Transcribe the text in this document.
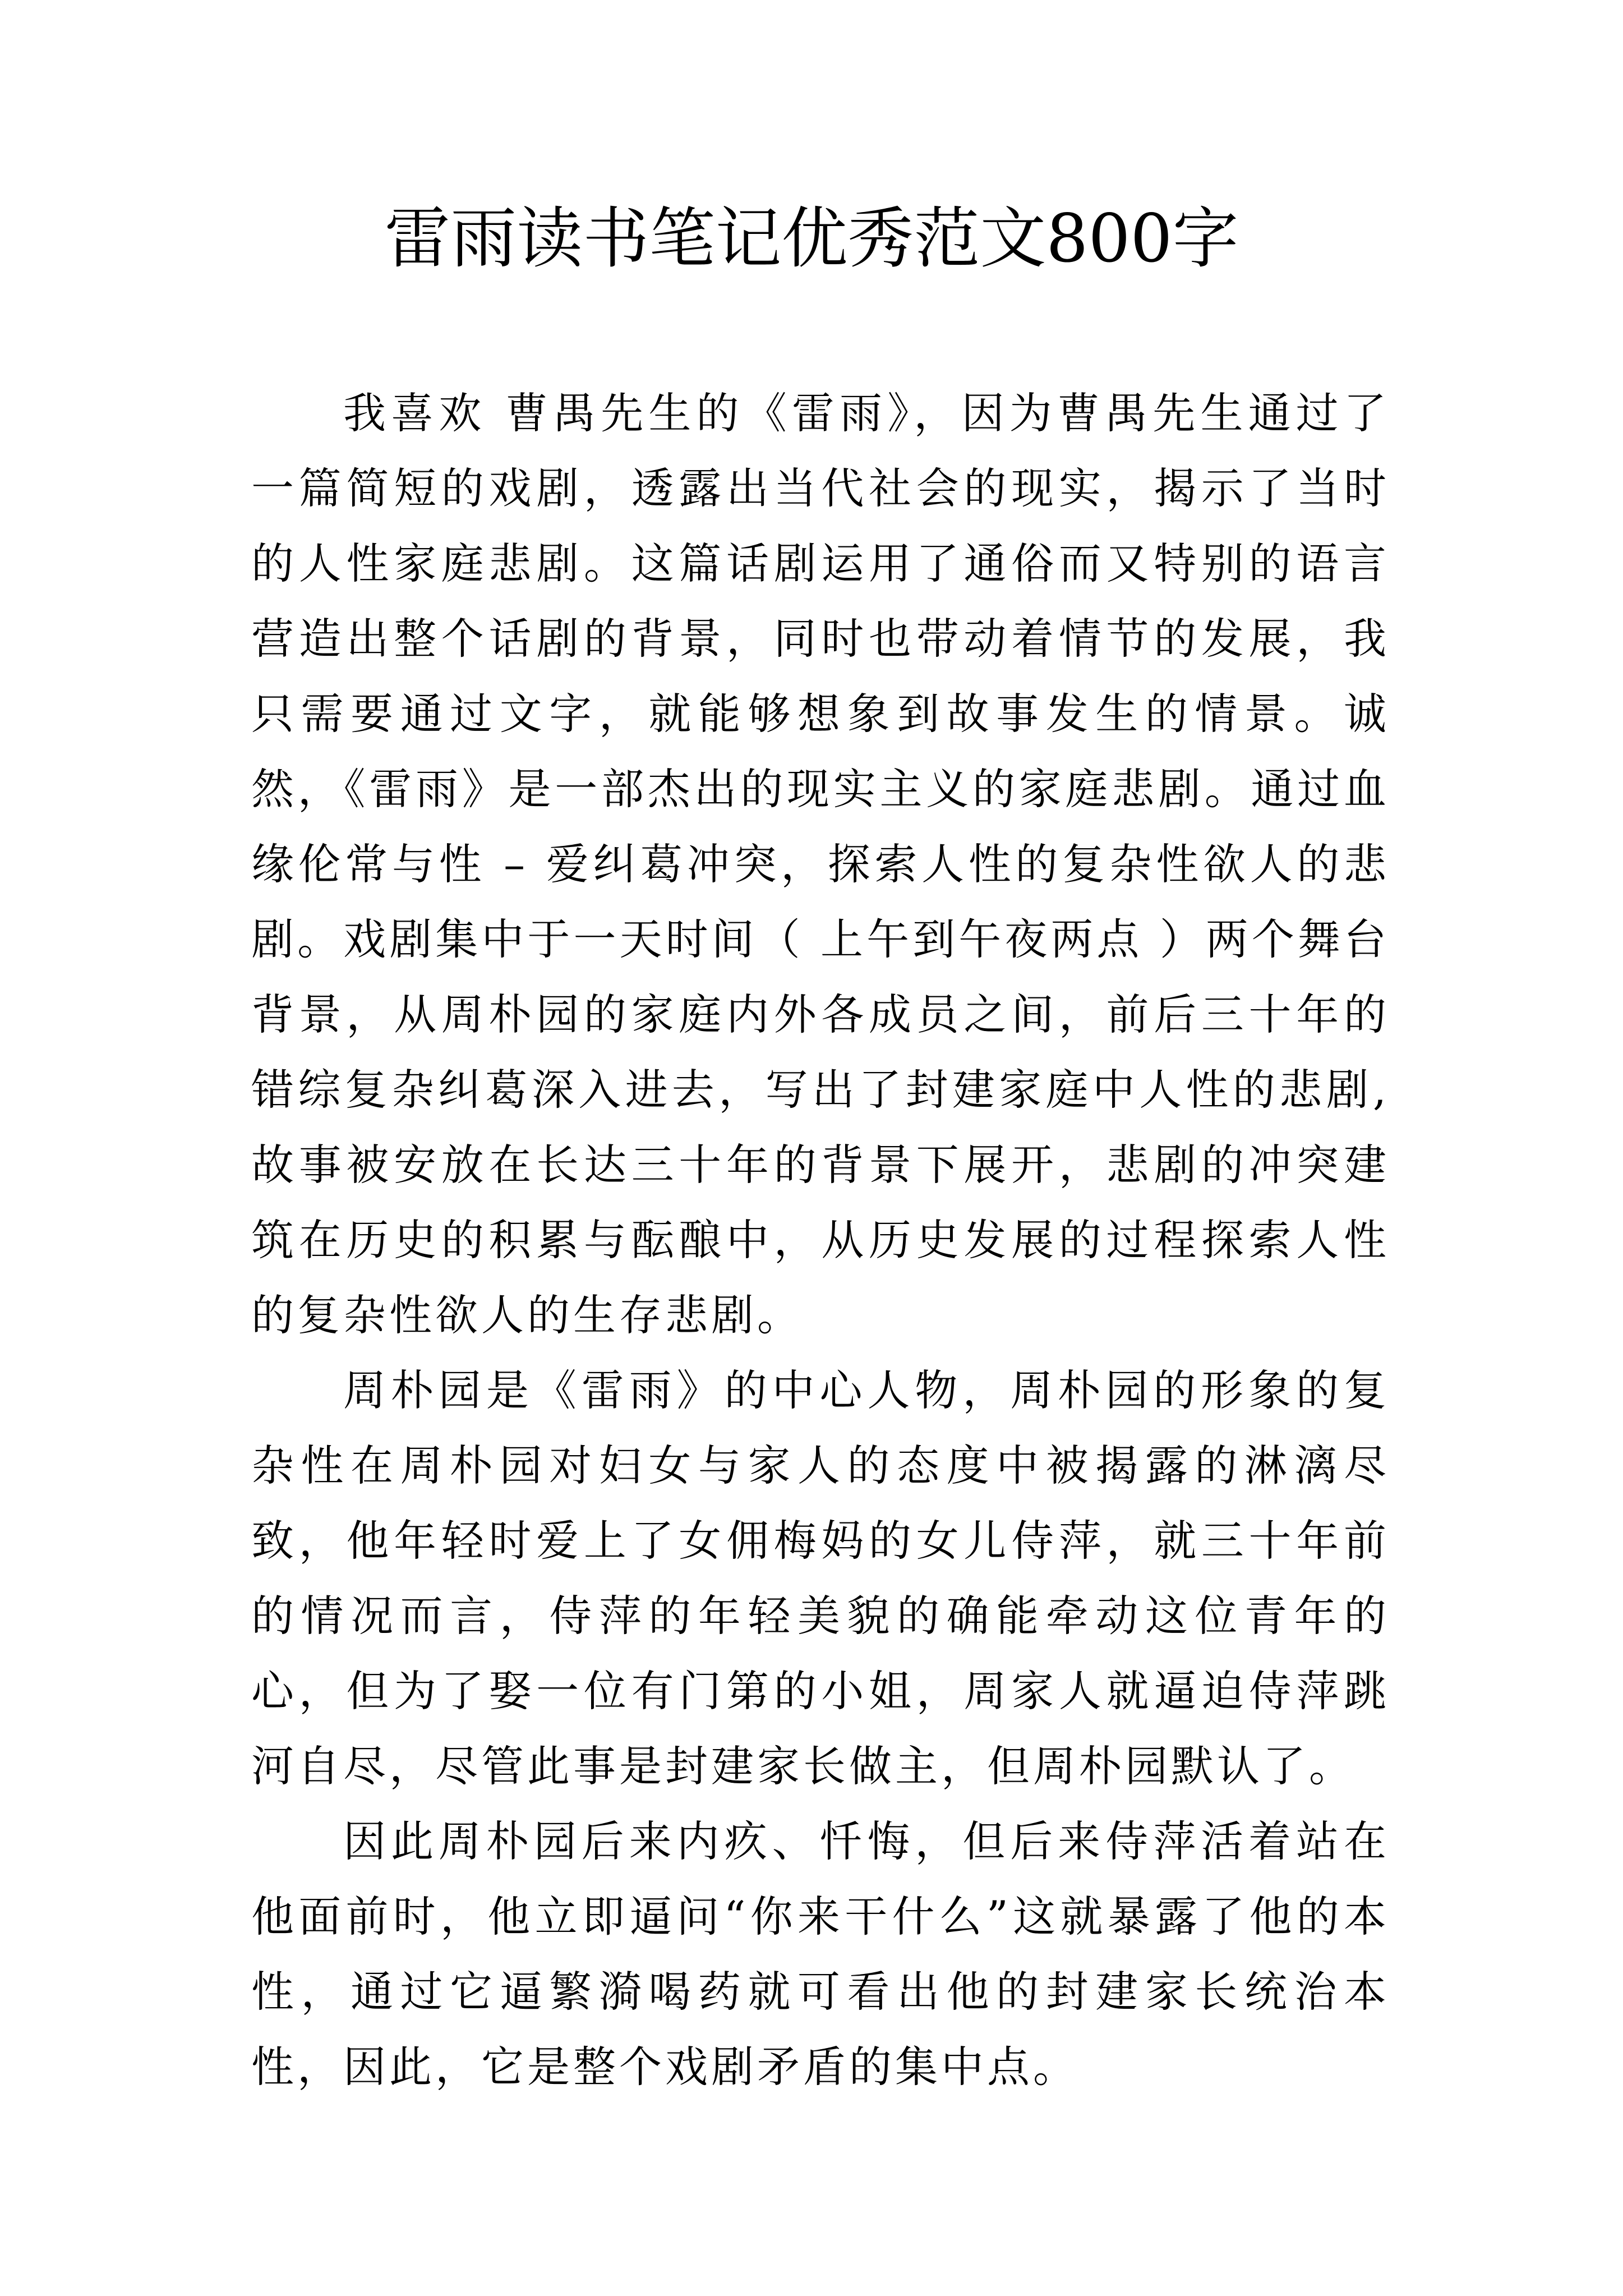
雷雨读书笔记优秀范文800字

我喜欢 曹禺先生的《雷雨》，因为曹禺先生通过了一篇简短的戏剧，透露出当代社会的现实，揭示了当时的人性家庭悲剧。这篇话剧运用了通俗而又特别的语言营造出整个话剧的背景，同时也带动着情节的发展，我只需要通过文字，就能够想象到故事发生的情景。诚然，《雷雨》是一部杰出的现实主义的家庭悲剧。通过血缘伦常与性 – 爱纠葛冲突，探索人性的复杂性欲人的悲剧。戏剧集中于一天时间（ 上午到午夜两点 ）两个舞台背景，从周朴园的家庭内外各成员之间，前后三十年的错综复杂纠葛深入进去，写出了封建家庭中人性的悲剧,故事被安放在长达三十年的背景下展开，悲剧的冲突建筑在历史的积累与酝酿中，从历史发展的过程探索人性的复杂性欲人的生存悲剧。

周朴园是《雷雨》的中心人物，周朴园的形象的复杂性在周朴园对妇女与家人的态度中被揭露的淋漓尽致，他年轻时爱上了女佣梅妈的女儿侍萍，就三十年前的情况而言，侍萍的年轻美貌的确能牵动这位青年的心，但为了娶一位有门第的小姐，周家人就逼迫侍萍跳河自尽，尽管此事是封建家长做主，但周朴园默认了。

因此周朴园后来内疚、忏悔，但后来侍萍活着站在他面前时，他立即逼问“你来干什么”这就暴露了他的本性，通过它逼繁漪喝药就可看出他的封建家长统治本性，因此，它是整个戏剧矛盾的集中点。
